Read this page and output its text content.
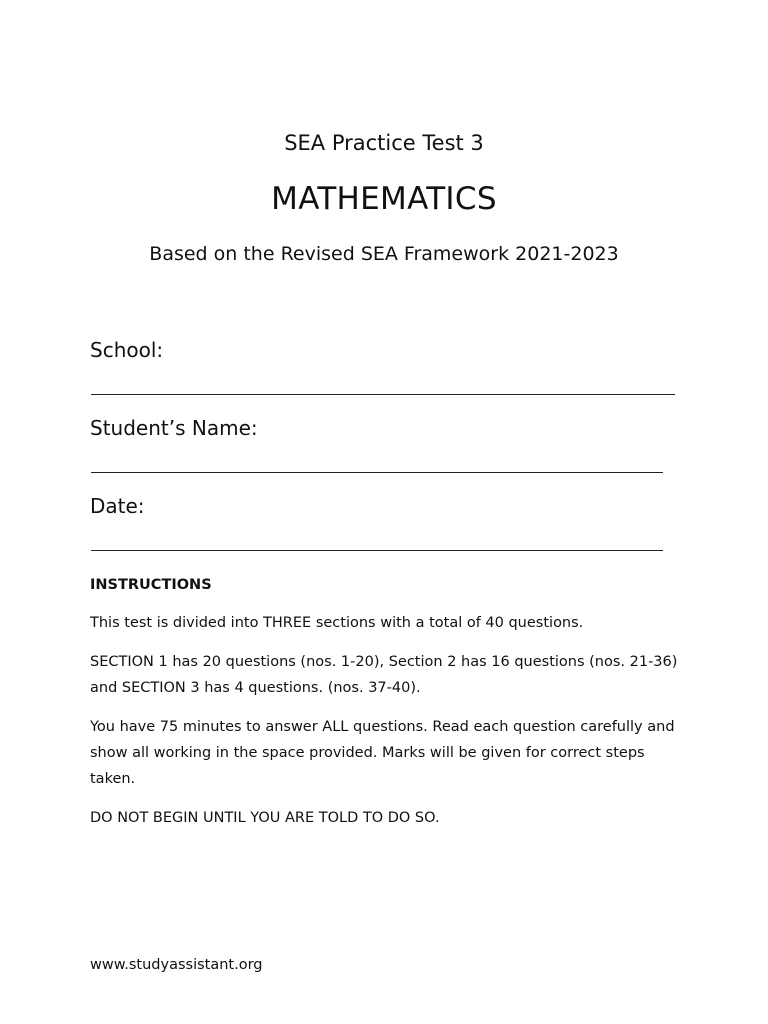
SEA Practice Test 3
MATHEMATICS
Based on the Revised SEA Framework 2021-2023
School:
Student’s Name:
Date:
INSTRUCTIONS

This test is divided into THREE sections with a total of 40 questions.

SECTION 1 has 20 questions (nos. 1-20), Section 2 has 16 questions (nos. 21-36) and SECTION 3 has 4 questions. (nos. 37-40).

You have 75 minutes to answer ALL questions. Read each question carefully and show all working in the space provided. Marks will be given for correct steps taken.

DO NOT BEGIN UNTIL YOU ARE TOLD TO DO SO.

www.studyassistant.org
